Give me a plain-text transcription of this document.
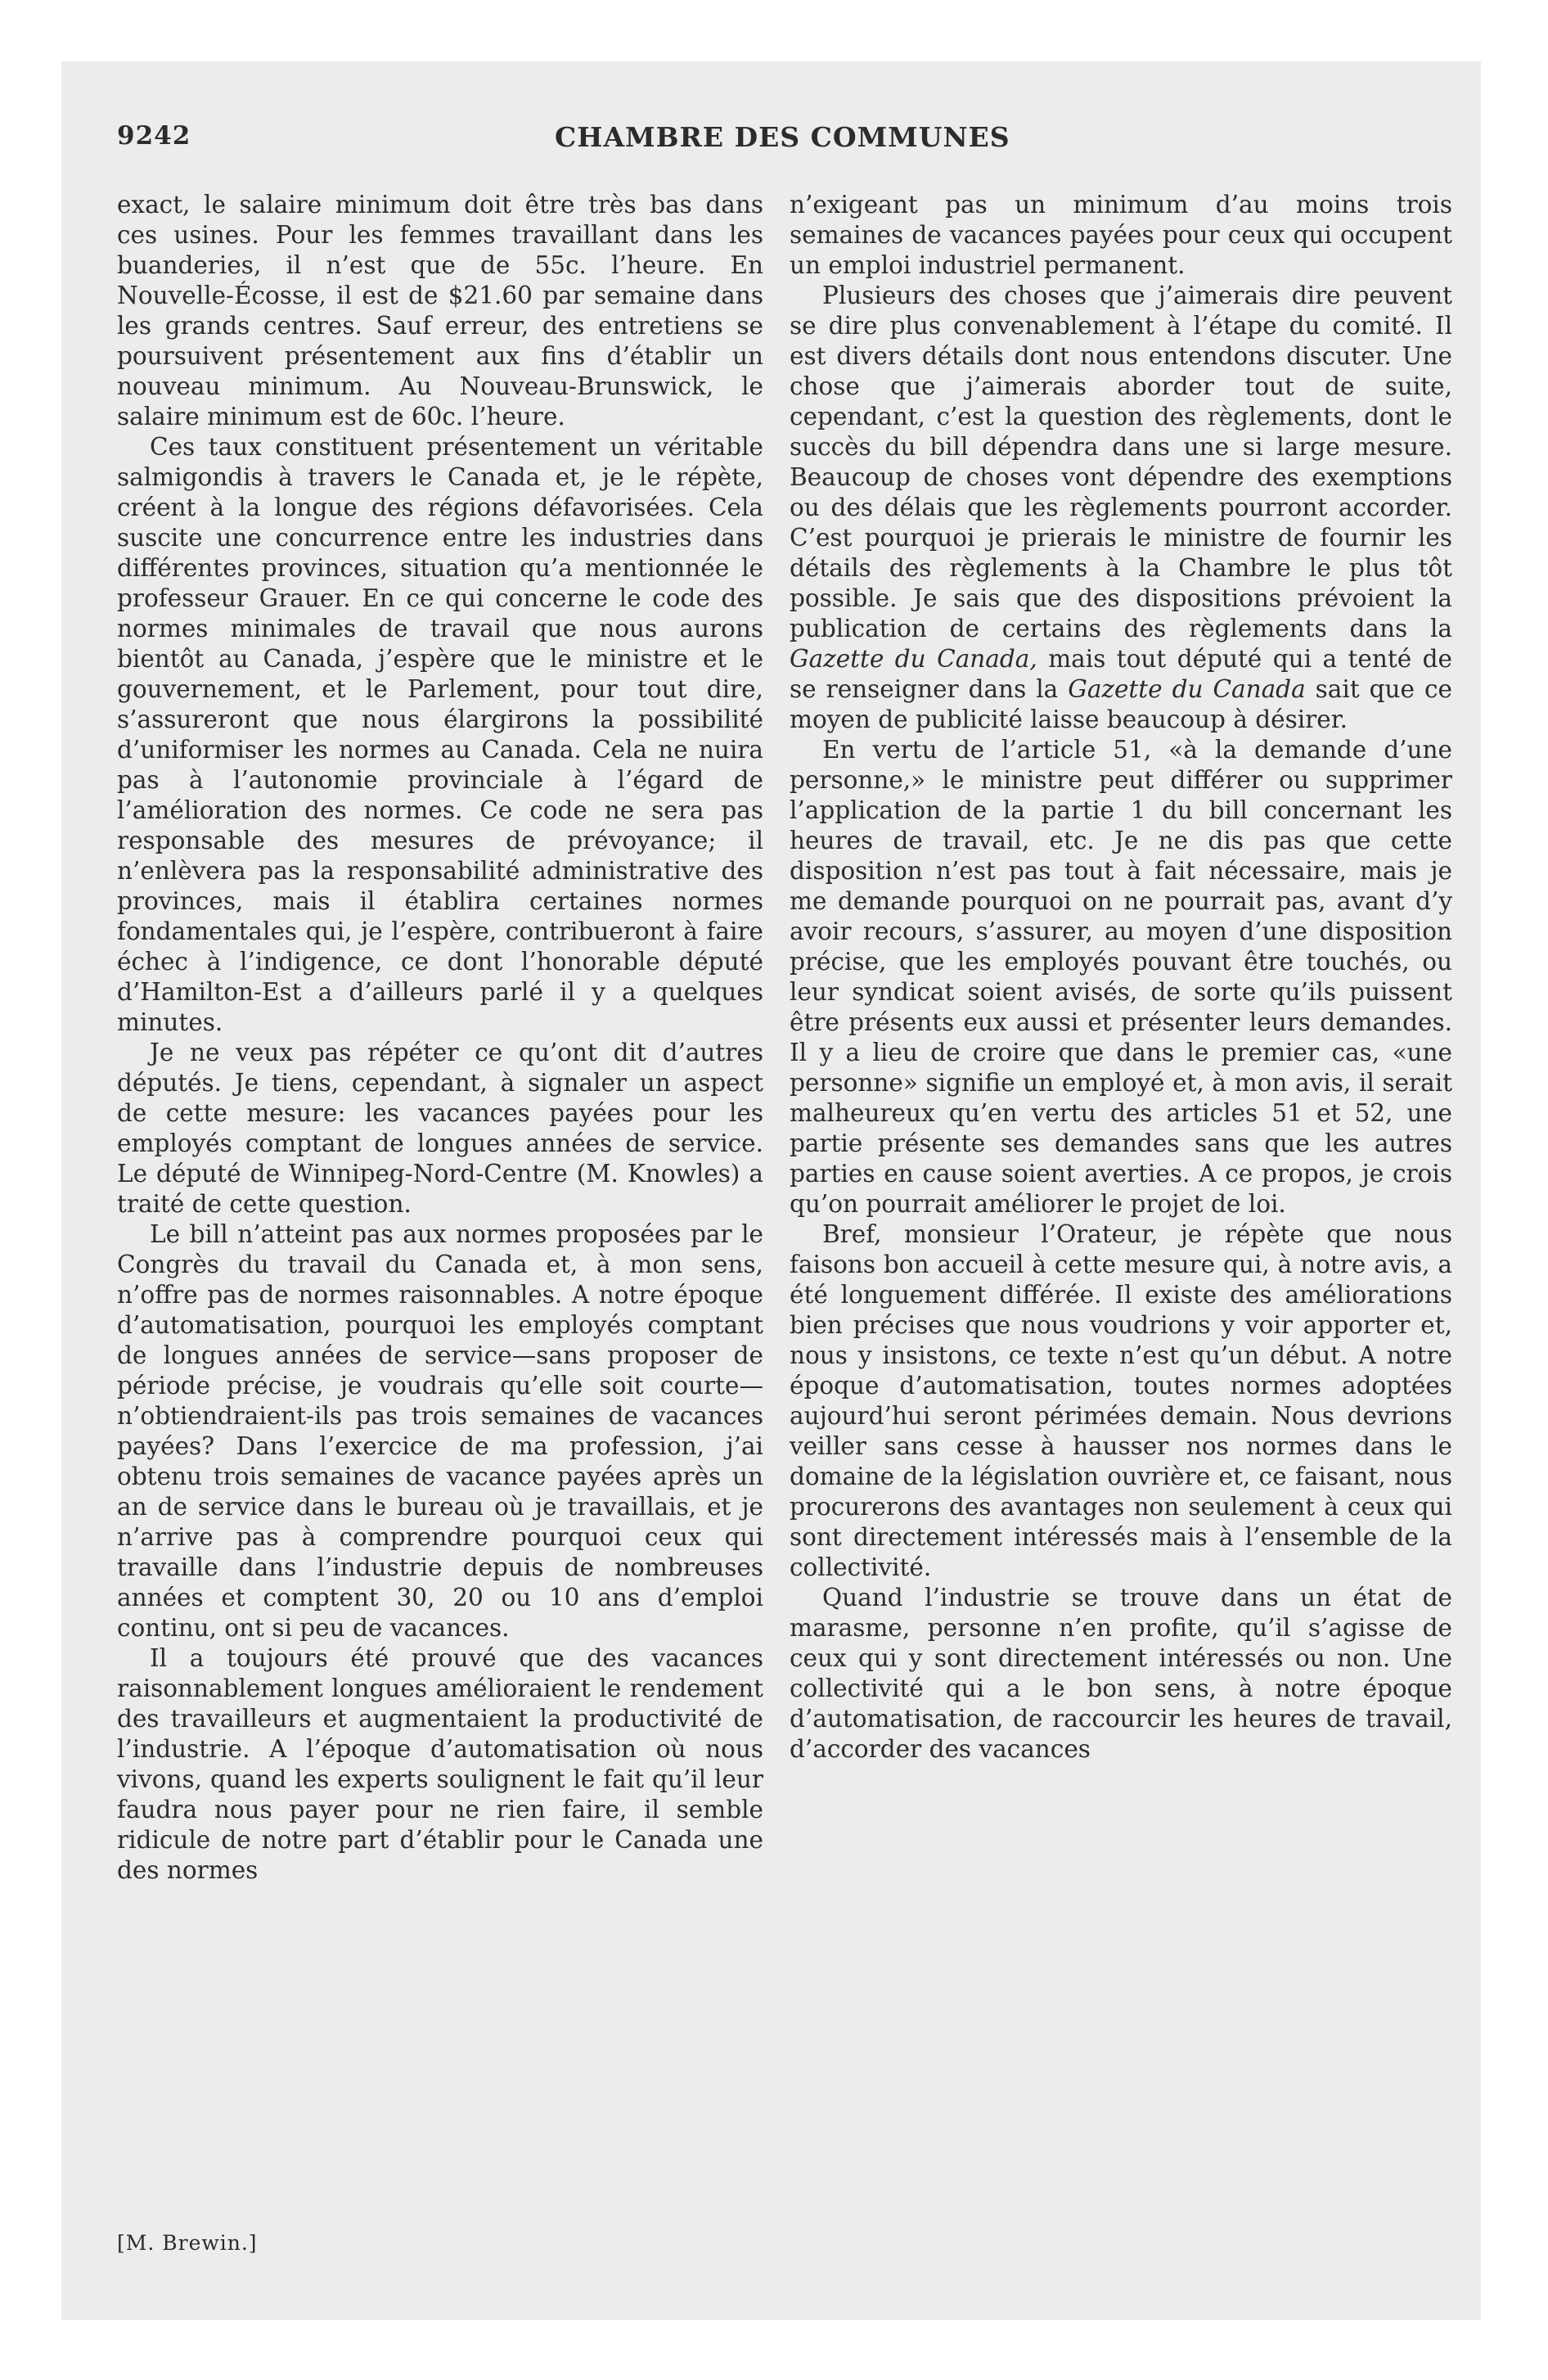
9242	CHAMBRE DES COMMUNES

exact, le salaire minimum doit être très bas dans ces usines. Pour les femmes travaillant dans les buanderies, il n’est que de 55c. l’heure. En Nouvelle-Écosse, il est de $21.60 par semaine dans les grands centres. Sauf erreur, des entretiens se poursuivent présentement aux fins d’établir un nouveau minimum. Au Nouveau-Brunswick, le salaire minimum est de 60c. l’heure.

Ces taux constituent présentement un véritable salmigondis à travers le Canada et, je le répète, créent à la longue des régions défavorisées. Cela suscite une concurrence entre les industries dans différentes provinces, situation qu’a mentionnée le professeur Grauer. En ce qui concerne le code des normes minimales de travail que nous aurons bientôt au Canada, j’espère que le ministre et le gouvernement, et le Parlement, pour tout dire, s’assureront que nous élargirons la possibilité d’uniformiser les normes au Canada. Cela ne nuira pas à l’autonomie provinciale à l’égard de l’amélioration des normes. Ce code ne sera pas responsable des mesures de prévoyance; il n’enlèvera pas la responsabilité administrative des provinces, mais il établira certaines normes fondamentales qui, je l’espère, contribueront à faire échec à l’indigence, ce dont l’honorable député d’Hamilton-Est a d’ailleurs parlé il y a quelques minutes.

Je ne veux pas répéter ce qu’ont dit d’autres députés. Je tiens, cependant, à signaler un aspect de cette mesure: les vacances payées pour les employés comptant de longues années de service. Le député de Winnipeg-Nord-Centre (M. Knowles) a traité de cette question.

Le bill n’atteint pas aux normes proposées par le Congrès du travail du Canada et, à mon sens, n’offre pas de normes raisonnables. A notre époque d’automatisation, pourquoi les employés comptant de longues années de service—sans proposer de période précise, je voudrais qu’elle soit courte—n’obtiendraient-ils pas trois semaines de vacances payées? Dans l’exercice de ma profession, j’ai obtenu trois semaines de vacance payées après un an de service dans le bureau où je travaillais, et je n’arrive pas à comprendre pourquoi ceux qui travaille dans l’industrie depuis de nombreuses années et comptent 30, 20 ou 10 ans d’emploi continu, ont si peu de vacances.

Il a toujours été prouvé que des vacances raisonnablement longues amélioraient le rendement des travailleurs et augmentaient la productivité de l’industrie. A l’époque d’automatisation où nous vivons, quand les experts soulignent le fait qu’il leur faudra nous payer pour ne rien faire, il semble ridicule de notre part d’établir pour le Canada une des normes

n’exigeant pas un minimum d’au moins trois semaines de vacances payées pour ceux qui occupent un emploi industriel permanent.

Plusieurs des choses que j’aimerais dire peuvent se dire plus convenablement à l’étape du comité. Il est divers détails dont nous entendons discuter. Une chose que j’aimerais aborder tout de suite, cependant, c’est la question des règlements, dont le succès du bill dépendra dans une si large mesure. Beaucoup de choses vont dépendre des exemptions ou des délais que les règlements pourront accorder. C’est pourquoi je prierais le ministre de fournir les détails des règlements à la Chambre le plus tôt possible. Je sais que des dispositions prévoient la publication de certains des règlements dans la Gazette du Canada, mais tout député qui a tenté de se renseigner dans la Gazette du Canada sait que ce moyen de publicité laisse beaucoup à désirer.

En vertu de l’article 51, «à la demande d’une personne,» le ministre peut différer ou supprimer l’application de la partie 1 du bill concernant les heures de travail, etc. Je ne dis pas que cette disposition n’est pas tout à fait nécessaire, mais je me demande pourquoi on ne pourrait pas, avant d’y avoir recours, s’assurer, au moyen d’une disposition précise, que les employés pouvant être touchés, ou leur syndicat soient avisés, de sorte qu’ils puissent être présents eux aussi et présenter leurs demandes. Il y a lieu de croire que dans le premier cas, «une personne» signifie un employé et, à mon avis, il serait malheureux qu’en vertu des articles 51 et 52, une partie présente ses demandes sans que les autres parties en cause soient averties. A ce propos, je crois qu’on pourrait améliorer le projet de loi.

Bref, monsieur l’Orateur, je répète que nous faisons bon accueil à cette mesure qui, à notre avis, a été longuement différée. Il existe des améliorations bien précises que nous voudrions y voir apporter et, nous y insistons, ce texte n’est qu’un début. A notre époque d’automatisation, toutes normes adoptées aujourd’hui seront périmées demain. Nous devrions veiller sans cesse à hausser nos normes dans le domaine de la législation ouvrière et, ce faisant, nous procurerons des avantages non seulement à ceux qui sont directement intéressés mais à l’ensemble de la collectivité.

Quand l’industrie se trouve dans un état de marasme, personne n’en profite, qu’il s’agisse de ceux qui y sont directement intéressés ou non. Une collectivité qui a le bon sens, à notre époque d’automatisation, de raccourcir les heures de travail, d’accorder des vacances

[M. Brewin.]
